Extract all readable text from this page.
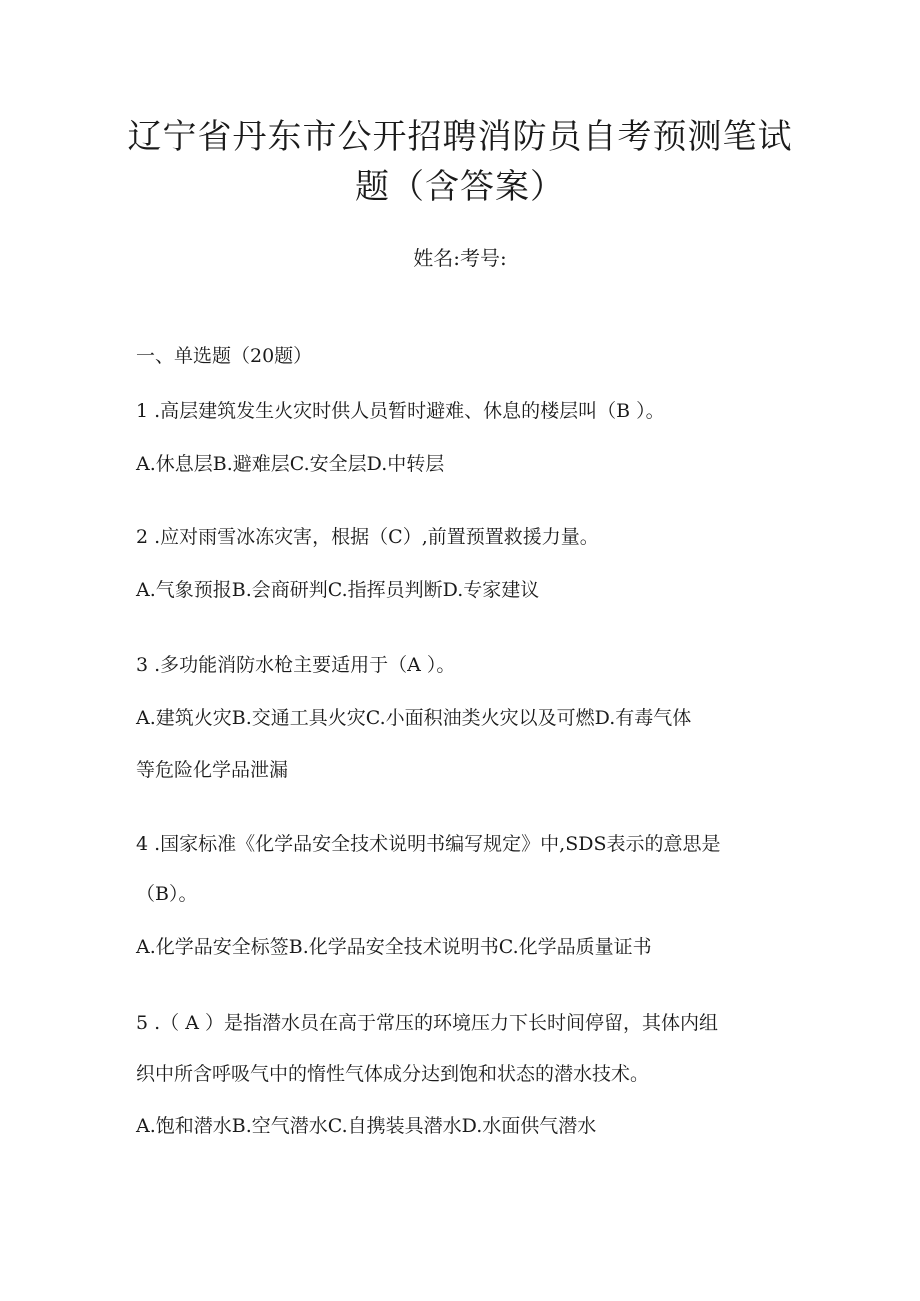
辽宁省丹东市公开招聘消防员自考预测笔试题（含答案）
姓名:考号:
一、单选题（20题）
1 .高层建筑发生火灾时供人员暂时避难、休息的楼层叫（B ）。
A.休息层B.避难层C.安全层D.中转层
2 .应对雨雪冰冻灾害，根据（C）,前置预置救援力量。
A.气象预报B.会商研判C.指挥员判断D.专家建议
3 .多功能消防水枪主要适用于（A ）。
A.建筑火灾B.交通工具火灾C.小面积油类火灾以及可燃D.有毒气体
等危险化学品泄漏
4 .国家标准《化学品安全技术说明书编写规定》中,SDS表示的意思是
（B）。
A.化学品安全标签B.化学品安全技术说明书C.化学品质量证书
5 .（ A ）是指潜水员在高于常压的环境压力下长时间停留，其体内组
织中所含呼吸气中的惰性气体成分达到饱和状态的潜水技术。
A.饱和潜水B.空气潜水C.自携装具潜水D.水面供气潜水
